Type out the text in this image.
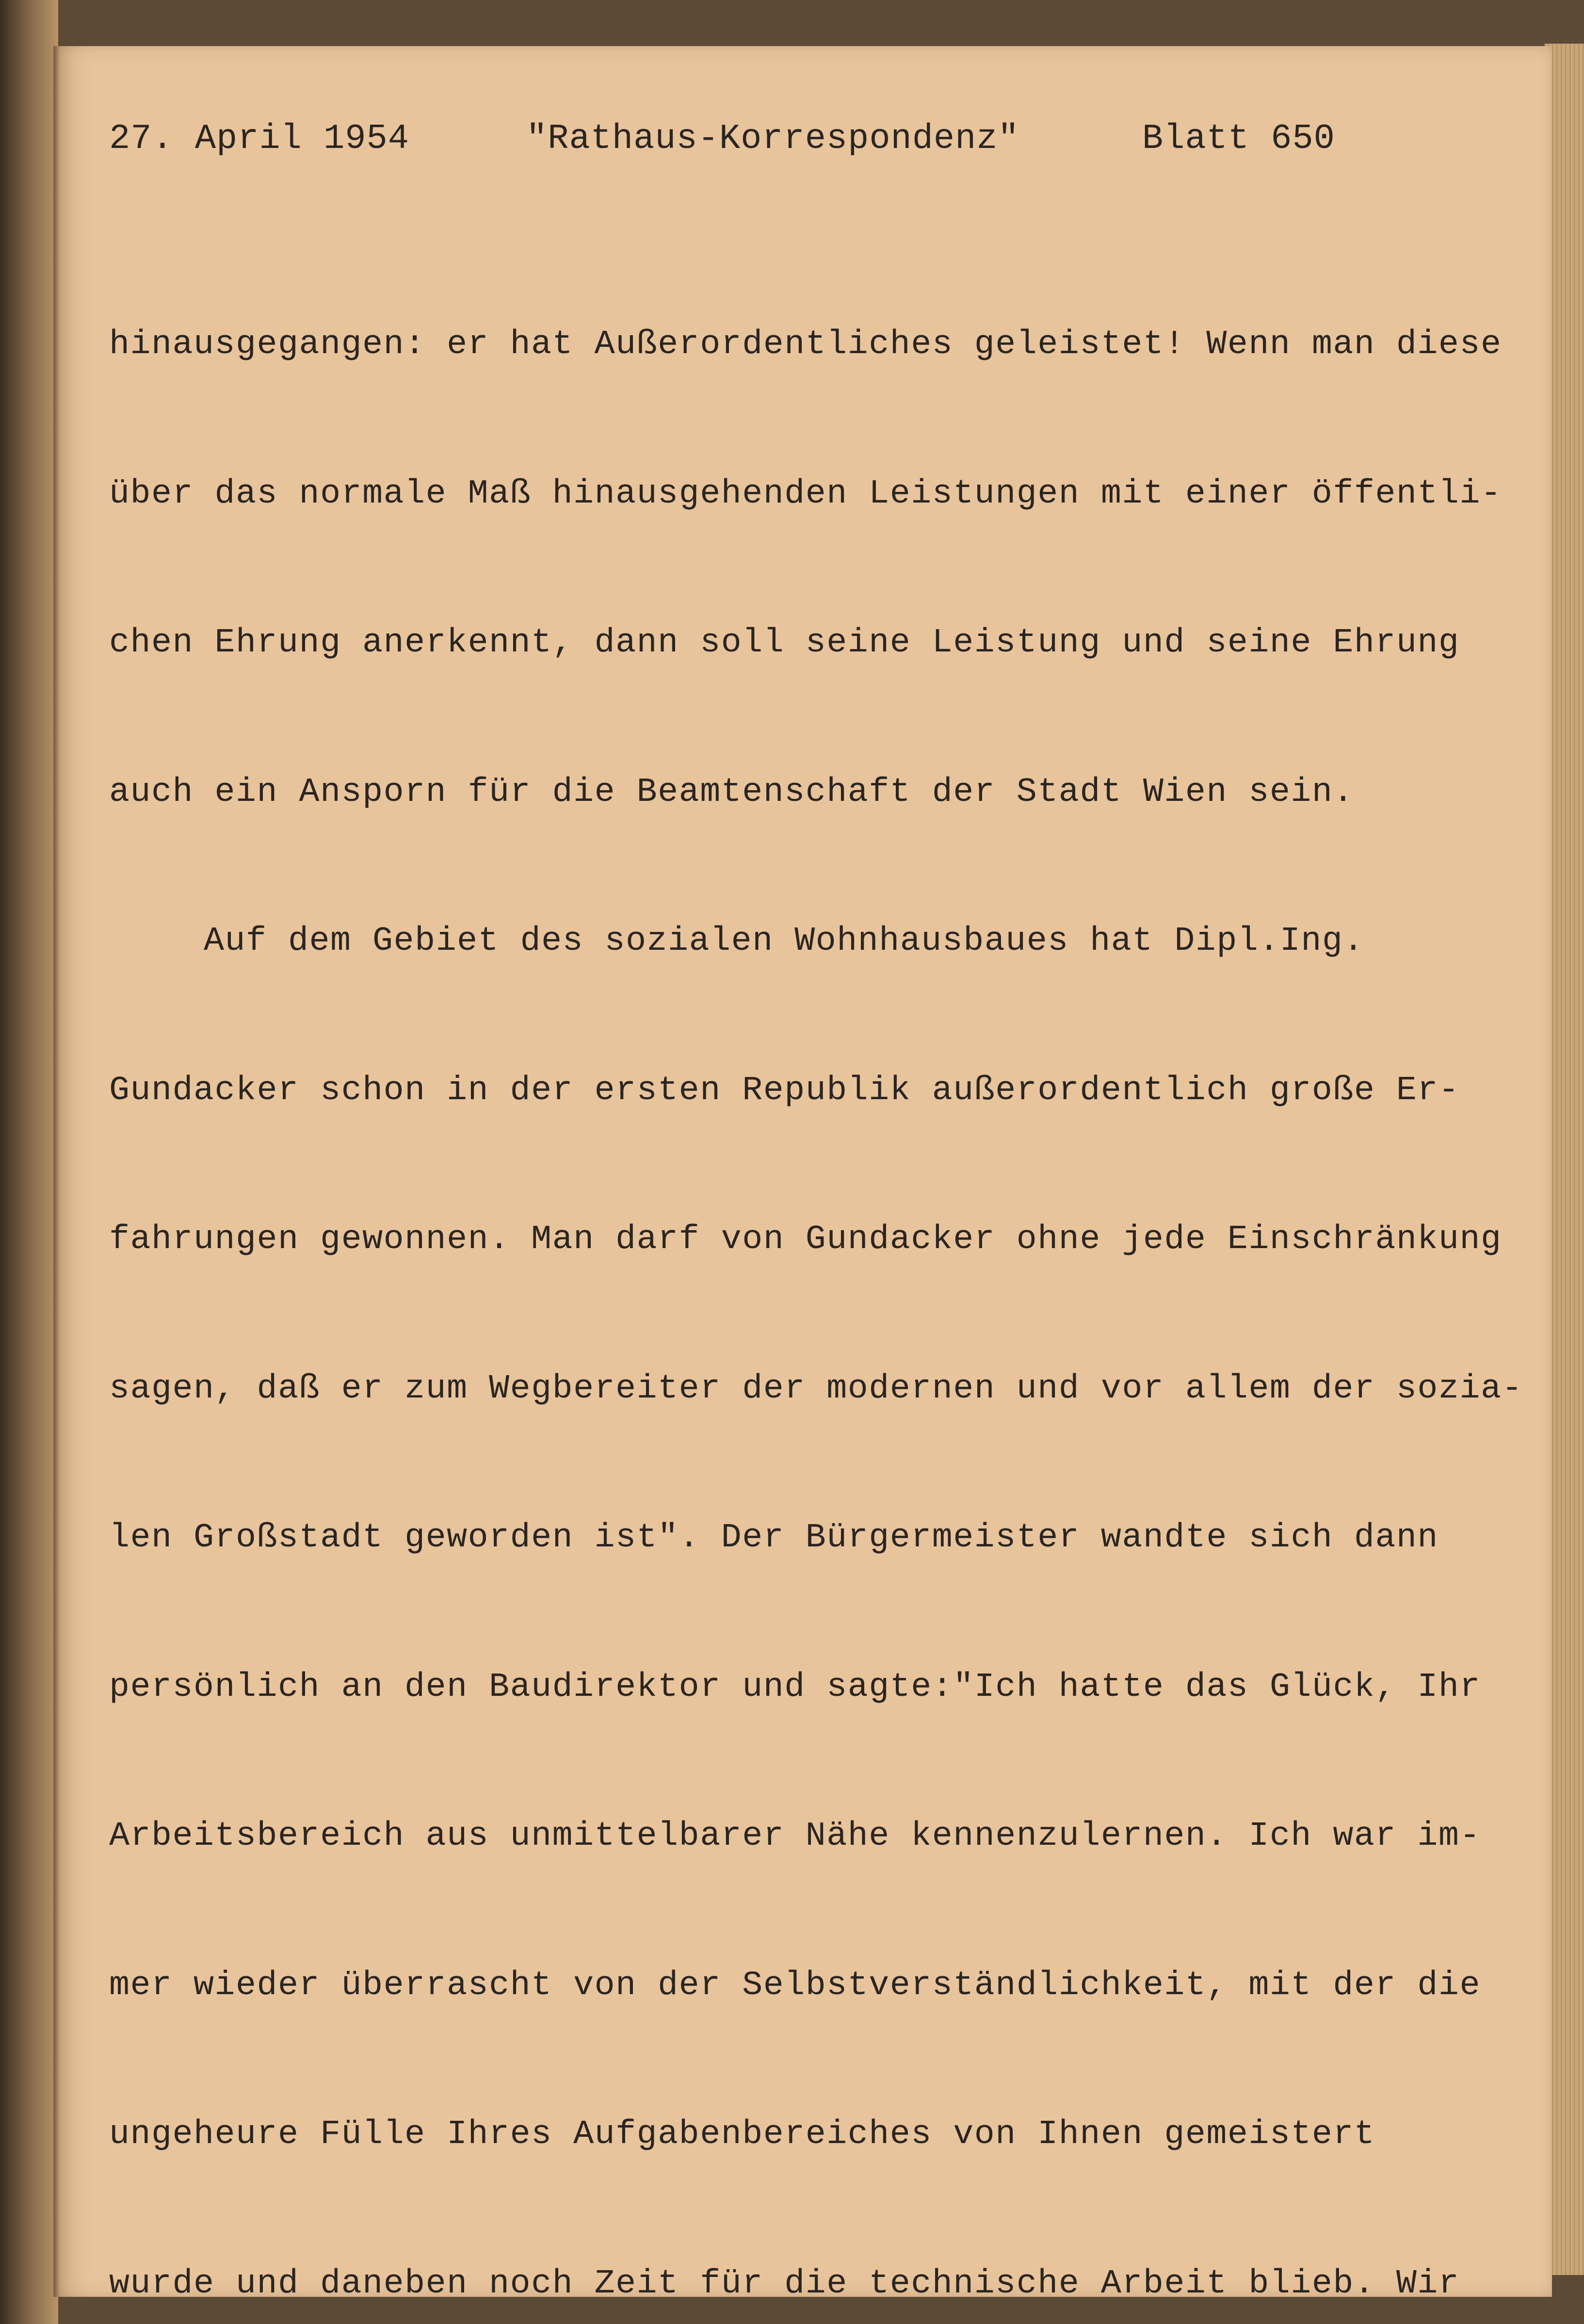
27. April 1954

	"Rathaus-Korrespondenz"

	Blatt 650

hinausgegangen: er hat Außerordentliches geleistet! Wenn man diese

über das normale Maß hinausgehenden Leistungen mit einer öffentli-

chen Ehrung anerkennt, dann soll seine Leistung und seine Ehrung

auch ein Ansporn für die Beamtenschaft der Stadt Wien sein.

Auf dem Gebiet des sozialen Wohnhausbaues hat Dipl.Ing.

Gundacker schon in der ersten Republik außerordentlich große Er-

fahrungen gewonnen. Man darf von Gundacker ohne jede Einschränkung

sagen, daß er zum Wegbereiter der modernen und vor allem der sozia-

len Großstadt geworden ist". Der Bürgermeister wandte sich dann

persönlich an den Baudirektor und sagte:"Ich hatte das Glück, Ihr

Arbeitsbereich aus unmittelbarer Nähe kennenzulernen. Ich war im-

mer wieder überrascht von der Selbstverständlichkeit, mit der die

ungeheure Fülle Ihres Aufgabenbereiches von Ihnen gemeistert

wurde und daneben noch Zeit für die technische Arbeit blieb. Wir
